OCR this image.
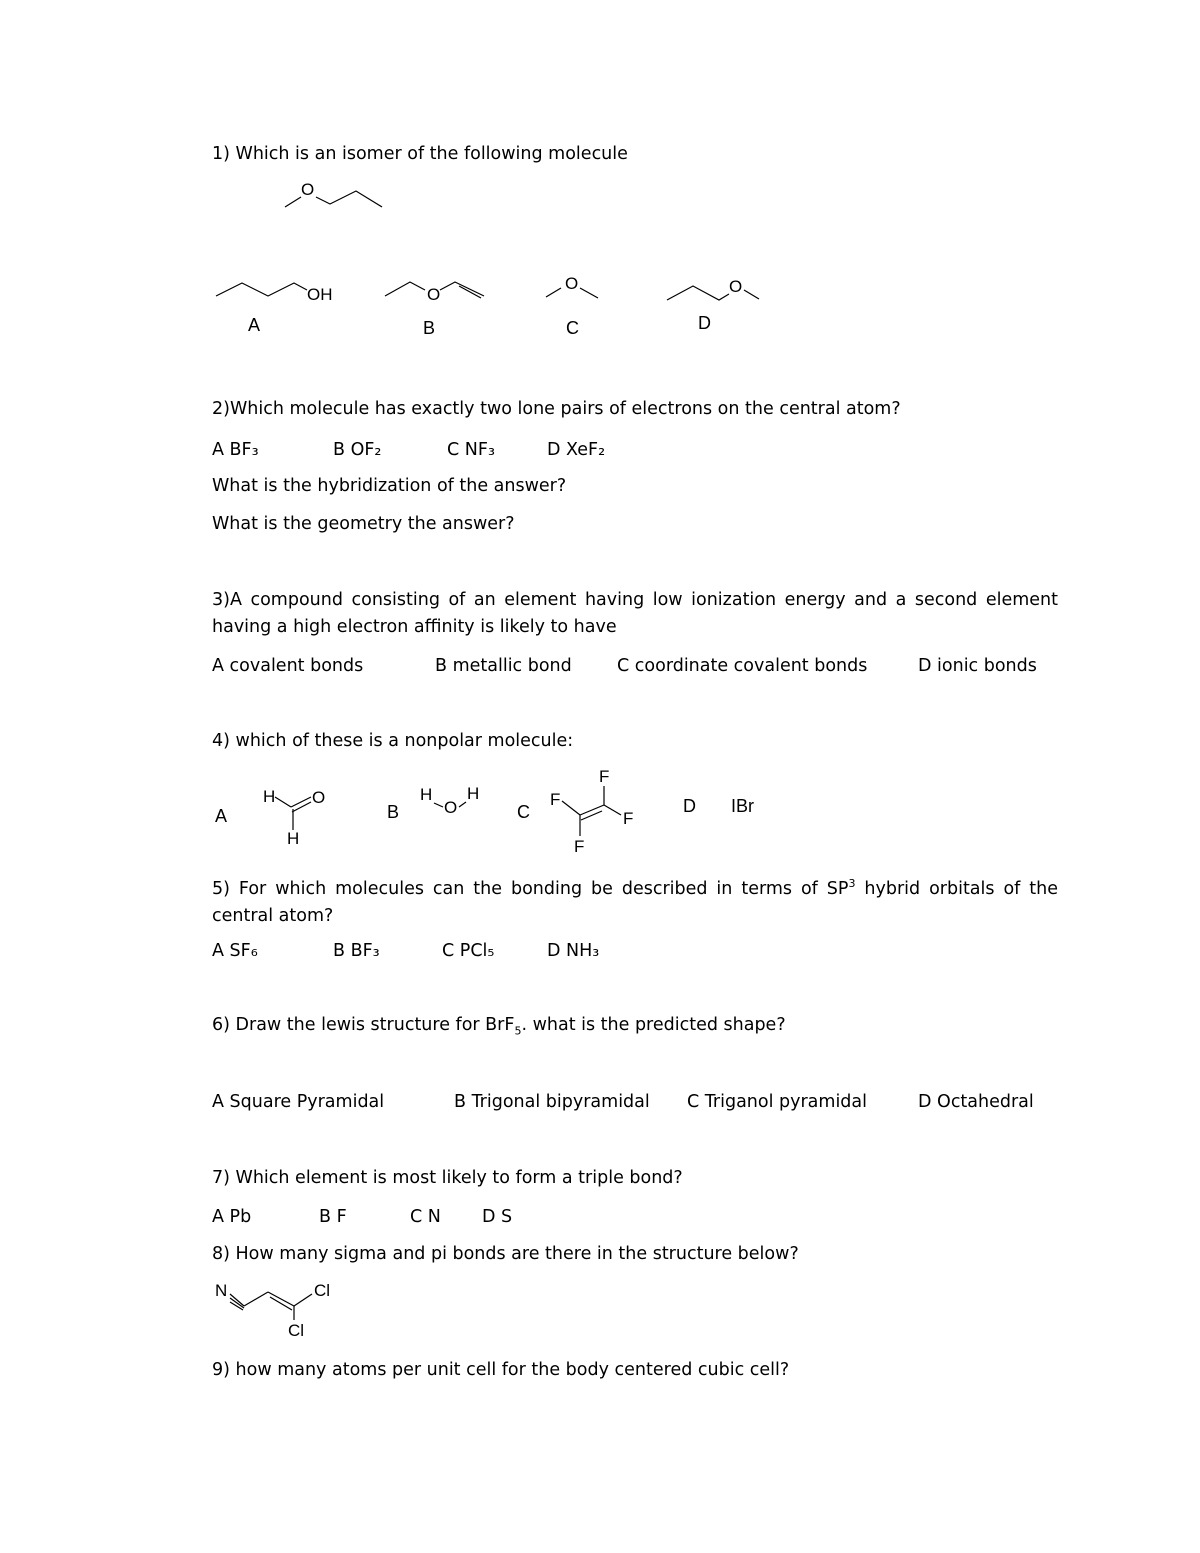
1) Which is an isomer of the following molecule
O
OH
A
O
B
O
C
O
D
2)Which molecule has exactly two lone pairs of electrons on the central atom?
A BF₃	B OF₂	C NF₃	D XeF₂
What is the hybridization of the answer?
What is the geometry the answer?
3)A compound consisting of an element having low ionization energy and a second element having a high electron affinity is likely to have
A covalent bonds	B metallic bond	C coordinate covalent bonds	D ionic bonds
4) which of these is a nonpolar molecule:
A
H O
H
B
H
O
H
C
F
F
F
F
D IBr
5) For which molecules can the bonding be described in terms of $SP^3$ hybrid orbitals of the central atom?
A SF₆	B BF₃	C PCl₅	D NH₃
6) Draw the lewis structure for BrF$_5$. what is the predicted shape?
A Square Pyramidal	B Trigonal bipyramidal C Triganol pyramidal	D Octahedral
7) Which element is most likely to form a triple bond?
A Pb	B F	C N D S
8) How many sigma and pi bonds are there in the structure below?
N	Cl
Cl
9) how many atoms per unit cell for the body centered cubic cell?
